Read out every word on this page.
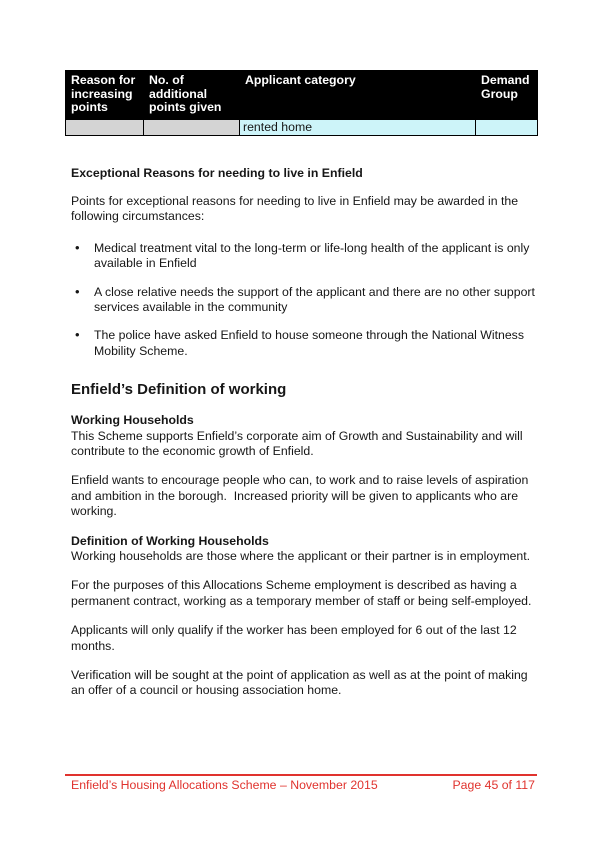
Reason for increasing points	No. of additional points given	Applicant category	Demand Group
		rented home	
Exceptional Reasons for needing to live in Enfield

Points for exceptional reasons for needing to live in Enfield may be awarded in the
following circumstances:

• Medical treatment vital to the long-term or life-long health of the applicant is only
available in Enfield
• A close relative needs the support of the applicant and there are no other support
services available in the community
• The police have asked Enfield to house someone through the National Witness
Mobility Scheme.
Enfield’s Definition of working
Working Households
This Scheme supports Enfield’s corporate aim of Growth and Sustainability and will
contribute to the economic growth of Enfield.

Enfield wants to encourage people who can, to work and to raise levels of aspiration
and ambition in the borough.  Increased priority will be given to applicants who are
working.

Definition of Working Households
Working households are those where the applicant or their partner is in employment.

For the purposes of this Allocations Scheme employment is described as having a
permanent contract, working as a temporary member of staff or being self-employed.

Applicants will only qualify if the worker has been employed for 6 out of the last 12
months.

Verification will be sought at the point of application as well as at the point of making
an offer of a council or housing association home.

Enfield’s Housing Allocations Scheme – November 2015	Page 45 of 117
